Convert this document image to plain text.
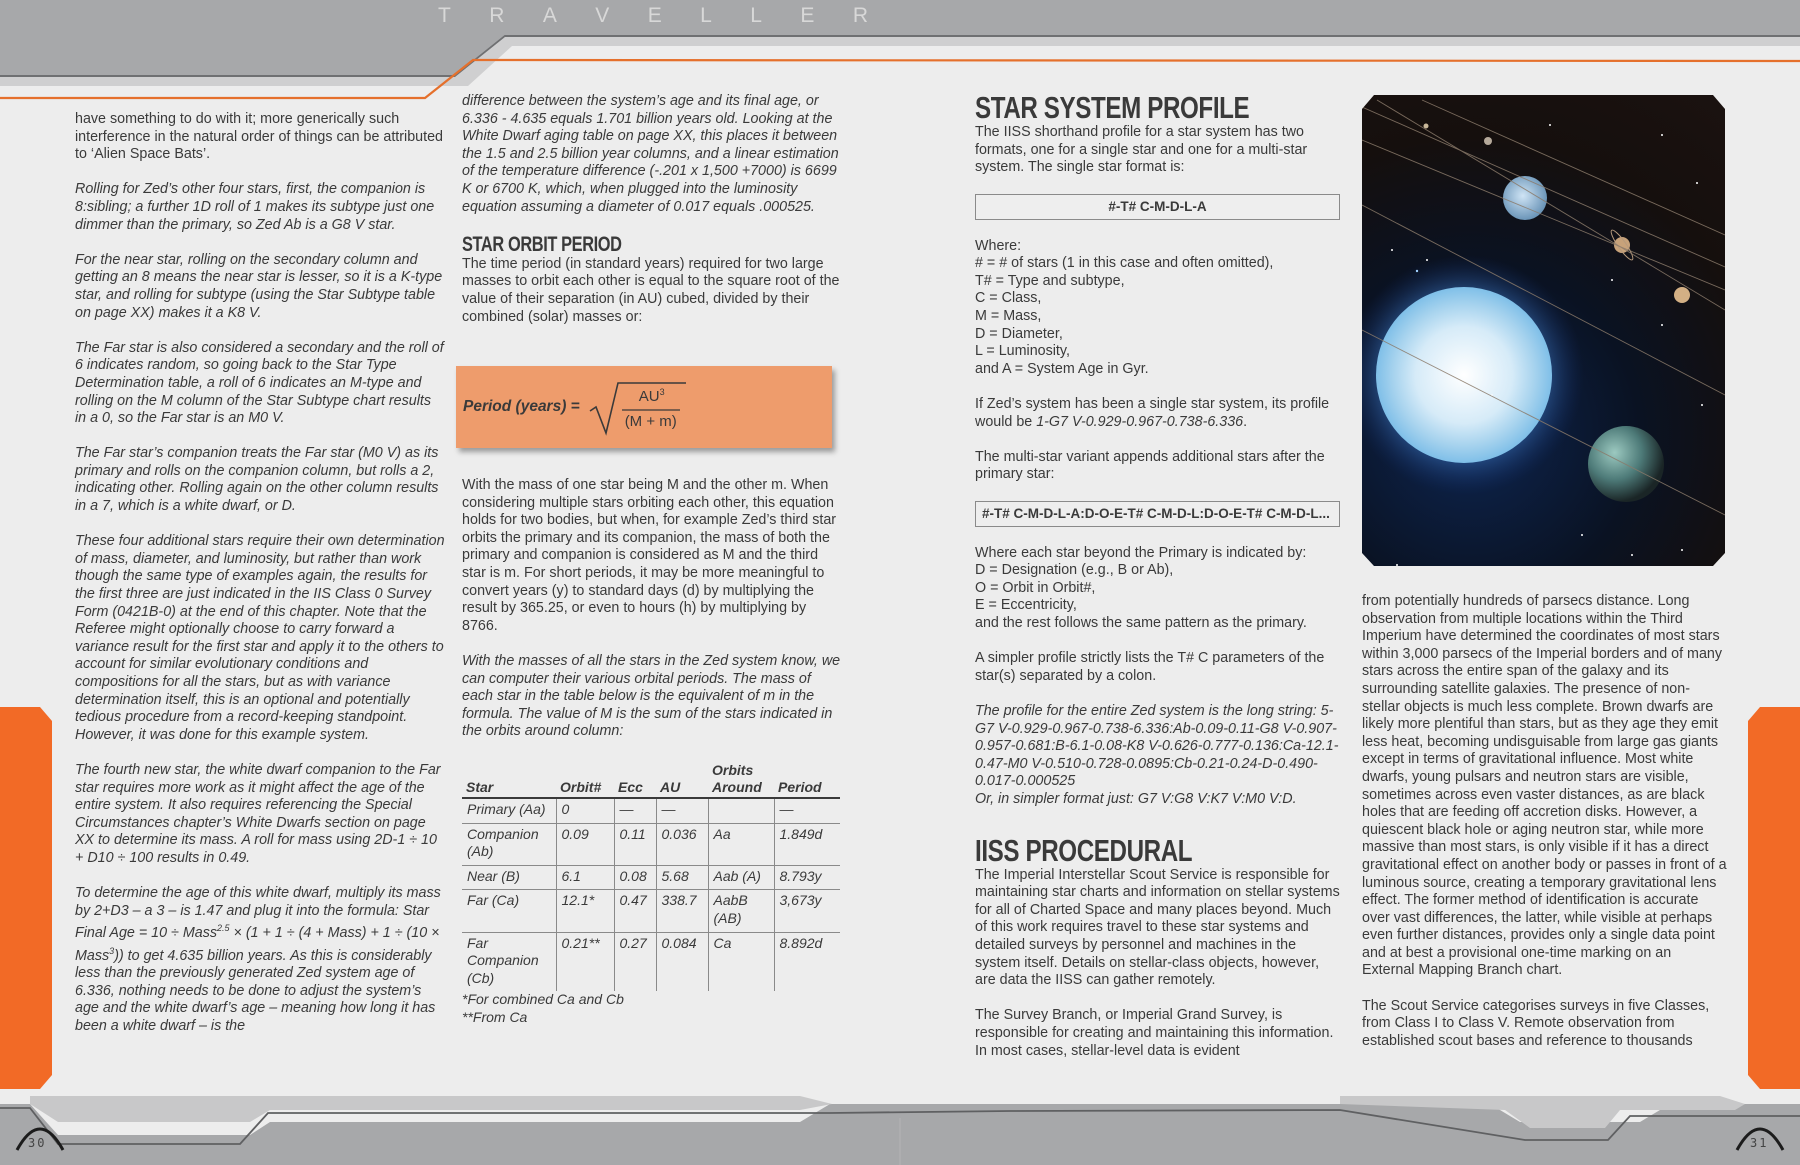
T R A V E L L E R

have something to do with it; more generically such interference in the natural order of things can be attributed to ‘Alien Space Bats’.

Rolling for Zed’s other four stars, first, the companion is 8:sibling; a further 1D roll of 1 makes its subtype just one dimmer than the primary, so Zed Ab is a G8 V star.

For the near star, rolling on the secondary column and getting an 8 means the near star is lesser, so it is a K-type star, and rolling for subtype (using the Star Subtype table on page XX) makes it a K8 V.

The Far star is also considered a secondary and the roll of 6 indicates random, so going back to the Star Type Determination table, a roll of 6 indicates an M-type and rolling on the M column of the Star Subtype chart results in a 0, so the Far star is an M0 V.

The Far star’s companion treats the Far star (M0 V) as its primary and rolls on the companion column, but rolls a 2, indicating other. Rolling again on the other column results in a 7, which is a white dwarf, or D.

These four additional stars require their own determination of mass, diameter, and luminosity, but rather than work though the same type of examples again, the results for the first three are just indicated in the IIS Class 0 Survey Form (0421B-0) at the end of this chapter. Note that the Referee might optionally choose to carry forward a variance result for the first star and apply it to the others to account for similar evolutionary conditions and compositions for all the stars, but as with variance determination itself, this is an optional and potentially tedious procedure from a record-keeping standpoint. However, it was done for this example system.

The fourth new star, the white dwarf companion to the Far star requires more work as it might affect the age of the entire system. It also requires referencing the Special Circumstances chapter’s White Dwarfs section on page XX to determine its mass. A roll for mass using 2D-1 ÷ 10 + D10 ÷ 100 results in 0.49.

To determine the age of this white dwarf, multiply its mass by 2+D3 – a 3 – is 1.47 and plug it into the formula: Star Final Age = 10 ÷ Mass$^{2.5}$ × (1 + 1 ÷ (4 + Mass) + 1 ÷ (10 × Mass$^3$)) to get 4.635 billion years. As this is considerably less than the previously generated Zed system age of 6.336, nothing needs to be done to adjust the system’s age and the white dwarf’s age – meaning how long it has been a white dwarf – is the

difference between the system’s age and its final age, or 6.336 - 4.635 equals 1.701 billion years old. Looking at the White Dwarf aging table on page XX, this places it between the 1.5 and 2.5 billion year columns, and a linear estimation of the temperature difference (-.201 x 1,500 +7000) is 6699 K or 6700 K, which, when plugged into the luminosity equation assuming a diameter of 0.017 equals .000525.

STAR ORBIT PERIOD

The time period (in standard years) required for two large masses to orbit each other is equal to the square root of the value of their separation (in AU) cubed, divided by their combined (solar) masses or:

Period (years) =
$AU^3$
(M + m)

With the mass of one star being M and the other m. When considering multiple stars orbiting each other, this equation holds for two bodies, but when, for example Zed’s third star orbits the primary and its companion, the mass of both the primary and companion is considered as M and the third star is m. For short periods, it may be more meaningful to convert years (y) to standard days (d) by multiplying the result by 365.25, or even to hours (h) by multiplying by 8766.

With the masses of all the stars in the Zed system know, we can computer their various orbital periods. The mass of each star in the table below is the equivalent of m in the formula. The value of M is the sum of the stars indicated in the orbits around column:

Star	Orbit#	Ecc	AU	Orbits Around	Period
Primary (Aa)	0	—	—		—
Companion (Ab)	0.09	0.11	0.036	Aa	1.849d
Near (B)	6.1	0.08	5.68	Aab (A)	8.793y
Far (Ca)	12.1*	0.47	338.7	AabB (AB)	3,673y
Far Companion (Cb)	0.21**	0.27	0.084	Ca	8.892d
*For combined Ca and Cb
**From Ca
STAR SYSTEM PROFILE

The IISS shorthand profile for a star system has two formats, one for a single star and one for a multi-star system. The single star format is:

#-T# C-M-D-L-A

Where:
# = # of stars (1 in this case and often omitted),
T# = Type and subtype,
C = Class,
M = Mass,
D = Diameter,
L = Luminosity,
and A = System Age in Gyr.

If Zed’s system has been a single star system, its profile would be 1-G7 V-0.929-0.967-0.738-6.336.

The multi-star variant appends additional stars after the primary star:

#-T# C-M-D-L-A:D-O-E-T# C-M-D-L:D-O-E-T# C-M-D-L...

Where each star beyond the Primary is indicated by:
D = Designation (e.g., B or Ab),
O = Orbit in Orbit#,
E = Eccentricity,
and the rest follows the same pattern as the primary.

A simpler profile strictly lists the T# C parameters of the star(s) separated by a colon.

The profile for the entire Zed system is the long string: 5-G7 V-0.929-0.967-0.738-6.336:Ab-0.09-0.11-G8 V-0.907-0.957-0.681:B-6.1-0.08-K8 V-0.626-0.777-0.136:Ca-12.1-0.47-M0 V-0.510-0.728-0.0895:Cb-0.21-0.24-D-0.490-0.017-0.000525
Or, in simpler format just: G7 V:G8 V:K7 V:M0 V:D.

IISS PROCEDURAL

The Imperial Interstellar Scout Service is responsible for maintaining star charts and information on stellar systems for all of Charted Space and many places beyond. Much of this work requires travel to these star systems and detailed surveys by personnel and machines in the system itself. Details on stellar-class objects, however, are data the IISS can gather remotely.

The Survey Branch, or Imperial Grand Survey, is responsible for creating and maintaining this information. In most cases, stellar-level data is evident

from potentially hundreds of parsecs distance. Long observation from multiple locations within the Third Imperium have determined the coordinates of most stars within 3,000 parsecs of the Imperial borders and of many stars across the entire span of the galaxy and its surrounding satellite galaxies. The presence of non-stellar objects is much less complete. Brown dwarfs are likely more plentiful than stars, but as they age they emit less heat, becoming undisguisable from large gas giants except in terms of gravitational influence. Most white dwarfs, young pulsars and neutron stars are visible, sometimes across even vaster distances, as are black holes that are feeding off accretion disks. However, a quiescent black hole or aging neutron star, while more massive than most stars, is only visible if it has a direct gravitational effect on another body or passes in front of a luminous source, creating a temporary gravitational lens effect. The former method of identification is accurate over vast differences, the latter, while visible at perhaps even further distances, provides only a single data point and at best a provisional one-time marking on an External Mapping Branch chart.

The Scout Service categorises surveys in five Classes, from Class I to Class V. Remote observation from established scout bases and reference to thousands

30	31
